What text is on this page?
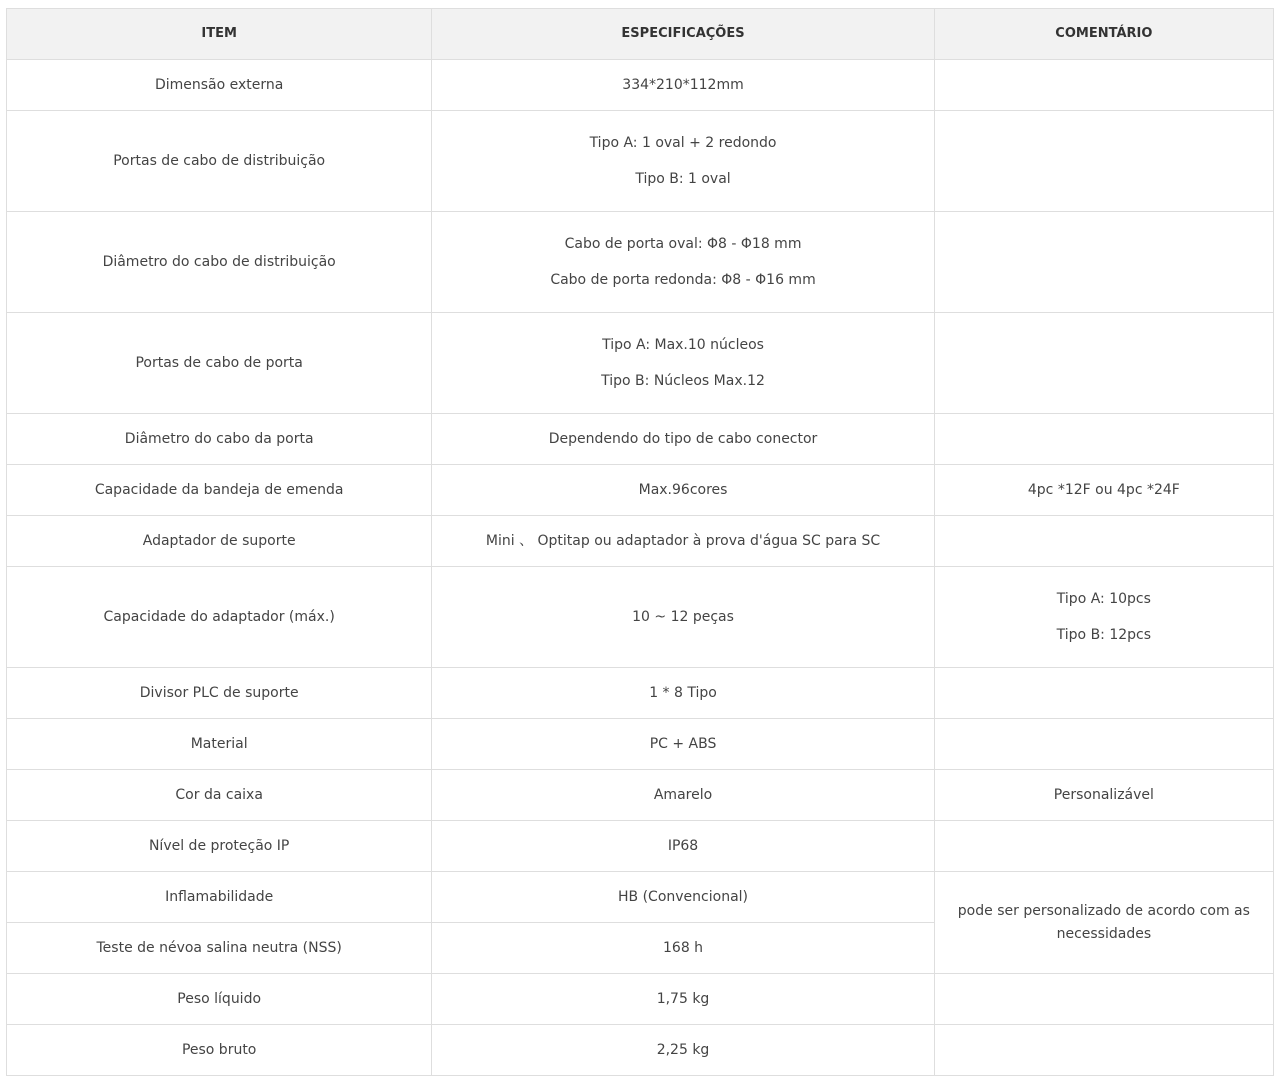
ITEM	ESPECIFICAÇÕES	COMENTÁRIO
Dimensão externa	334*210*112mm	

Portas de cabo de distribuição	Tipo A: 1 oval + 2 redondo
Tipo B: 1 oval	

Diâmetro do cabo de distribuição	Cabo de porta oval: Φ8 - Φ18 mm
Cabo de porta redonda: Φ8 - Φ16 mm	

Portas de cabo de porta	Tipo A: Max.10 núcleos
Tipo B: Núcleos Max.12	

Diâmetro do cabo da porta	Dependendo do tipo de cabo conector	

Capacidade da bandeja de emenda	Max.96cores	4pc *12F ou 4pc *24F

Adaptador de suporte	Mini 、 Optitap ou adaptador à prova d'água SC para SC	

Capacidade do adaptador (máx.)	10 ~ 12 peças	Tipo A: 10pcs
Tipo B: 12pcs

Divisor PLC de suporte	1 * 8 Tipo	

Material	PC + ABS	

Cor da caixa	Amarelo	Personalizável

Nível de proteção IP	IP68	

Inflamabilidade	HB (Convencional)	pode ser personalizado de acordo com as necessidades
Teste de névoa salina neutra (NSS)	168 h	

Peso líquido	1,75 kg	

Peso bruto	2,25 kg	
